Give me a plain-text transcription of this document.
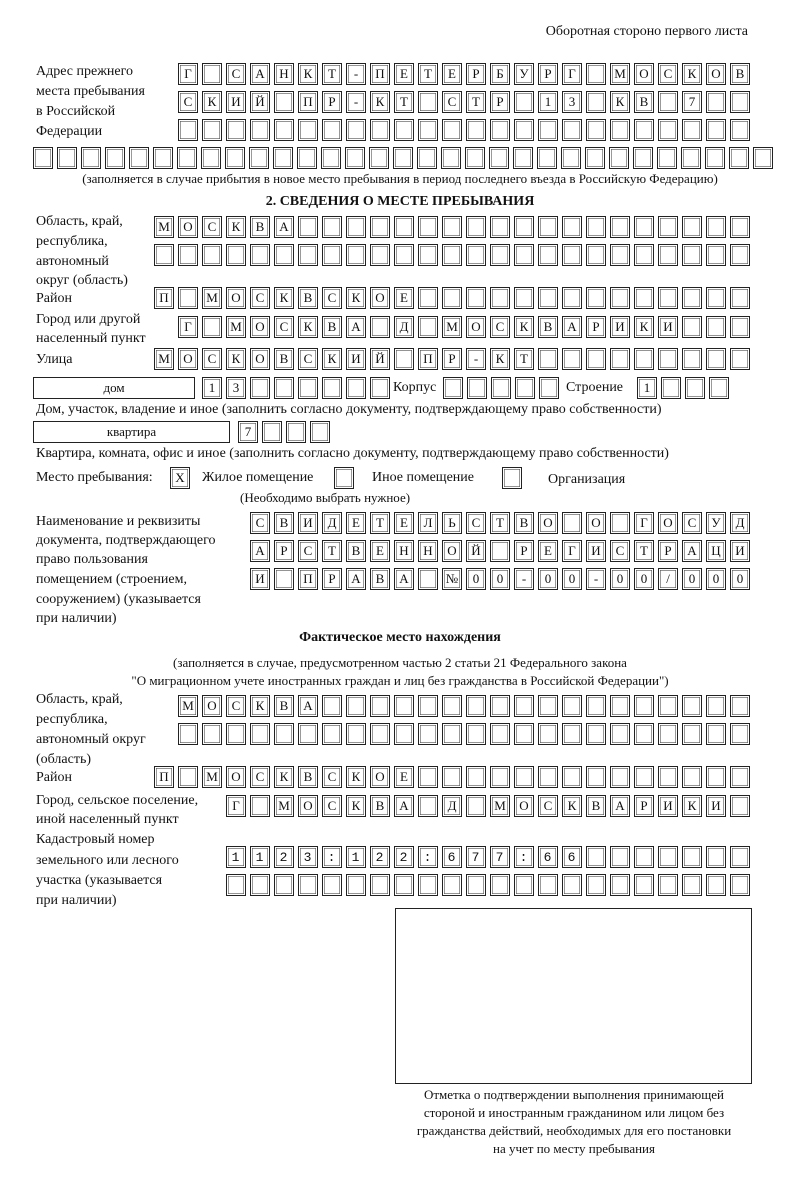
Оборотная стороно первого листа
Адрес прежнего
места пребывания
в Российской
Федерации
Г	С	А	Н	К	Т	-	П	Е	Т	Е	Р	Б	У	Р	Г	М	О	С	К	О	В
С	К	И	Й	П	Р	-	К	Т	С	Т	Р	1	3	К	В	7
(заполняется в случае прибытия в новое место пребывания в период последнего въезда в Российскую Федерацию)
2. СВЕДЕНИЯ О МЕСТЕ ПРЕБЫВАНИЯ
Область, край,
республика,
автономный
округ (область)
М	О	С	К	В	А
Район	П	М	О	С	К	В	С	К	О	Е
Город или другой
населенный пункт
Г	М	О	С	К	В	А	Д	М	О	С	К	В	А	Р	И	К	И
Улица	М	О	С	К	О	В	С	К	И	Й	П	Р	-	К	Т
дом	1	3	Корпус	Строение	1
Дом, участок, владение и иное (заполнить согласно документу, подтверждающему право собственности)
квартира	7
Квартира, комната, офис и иное (заполнить согласно документу, подтверждающему право собственности)
Место пребывания:	X	Жилое помещение	Иное помещение	Организация
(Необходимо выбрать нужное)
Наименование и реквизиты
документа, подтверждающего
право пользования
помещением (строением,
сооружением) (указывается
при наличии)
С	В	И	Д	Е	Т	Е	Л	Ь	С	Т	В	О	О	Г	О	С	У	Д
А	Р	С	Т	В	Е	Н	Н	О	Й	Р	Е	Г	И	С	Т	Р	А	Ц	И
И	П	Р	А	В	А	№	0	0	-	0	0	-	0	0	/	0	0	0
Фактическое место нахождения
(заполняется в случае, предусмотренном частью 2 статьи 21 Федерального закона
"О миграционном учете иностранных граждан и лиц без гражданства в Российской Федерации")
Область, край,
республика,
автономный округ
(область)
М	О	С	К	В	А
Район	П	М	О	С	К	В	С	К	О	Е
Город, сельское поселение,
иной населенный пункт
Г	М	О	С	К	В	А	Д	М	О	С	К	В	А	Р	И	К	И
Кадастровый номер
земельного или лесного
участка (указывается
при наличии)
1123:122:677:66
Отметка о подтверждении выполнения принимающей
стороной и иностранным гражданином или лицом без
гражданства действий, необходимых для его постановки
на учет по месту пребывания
